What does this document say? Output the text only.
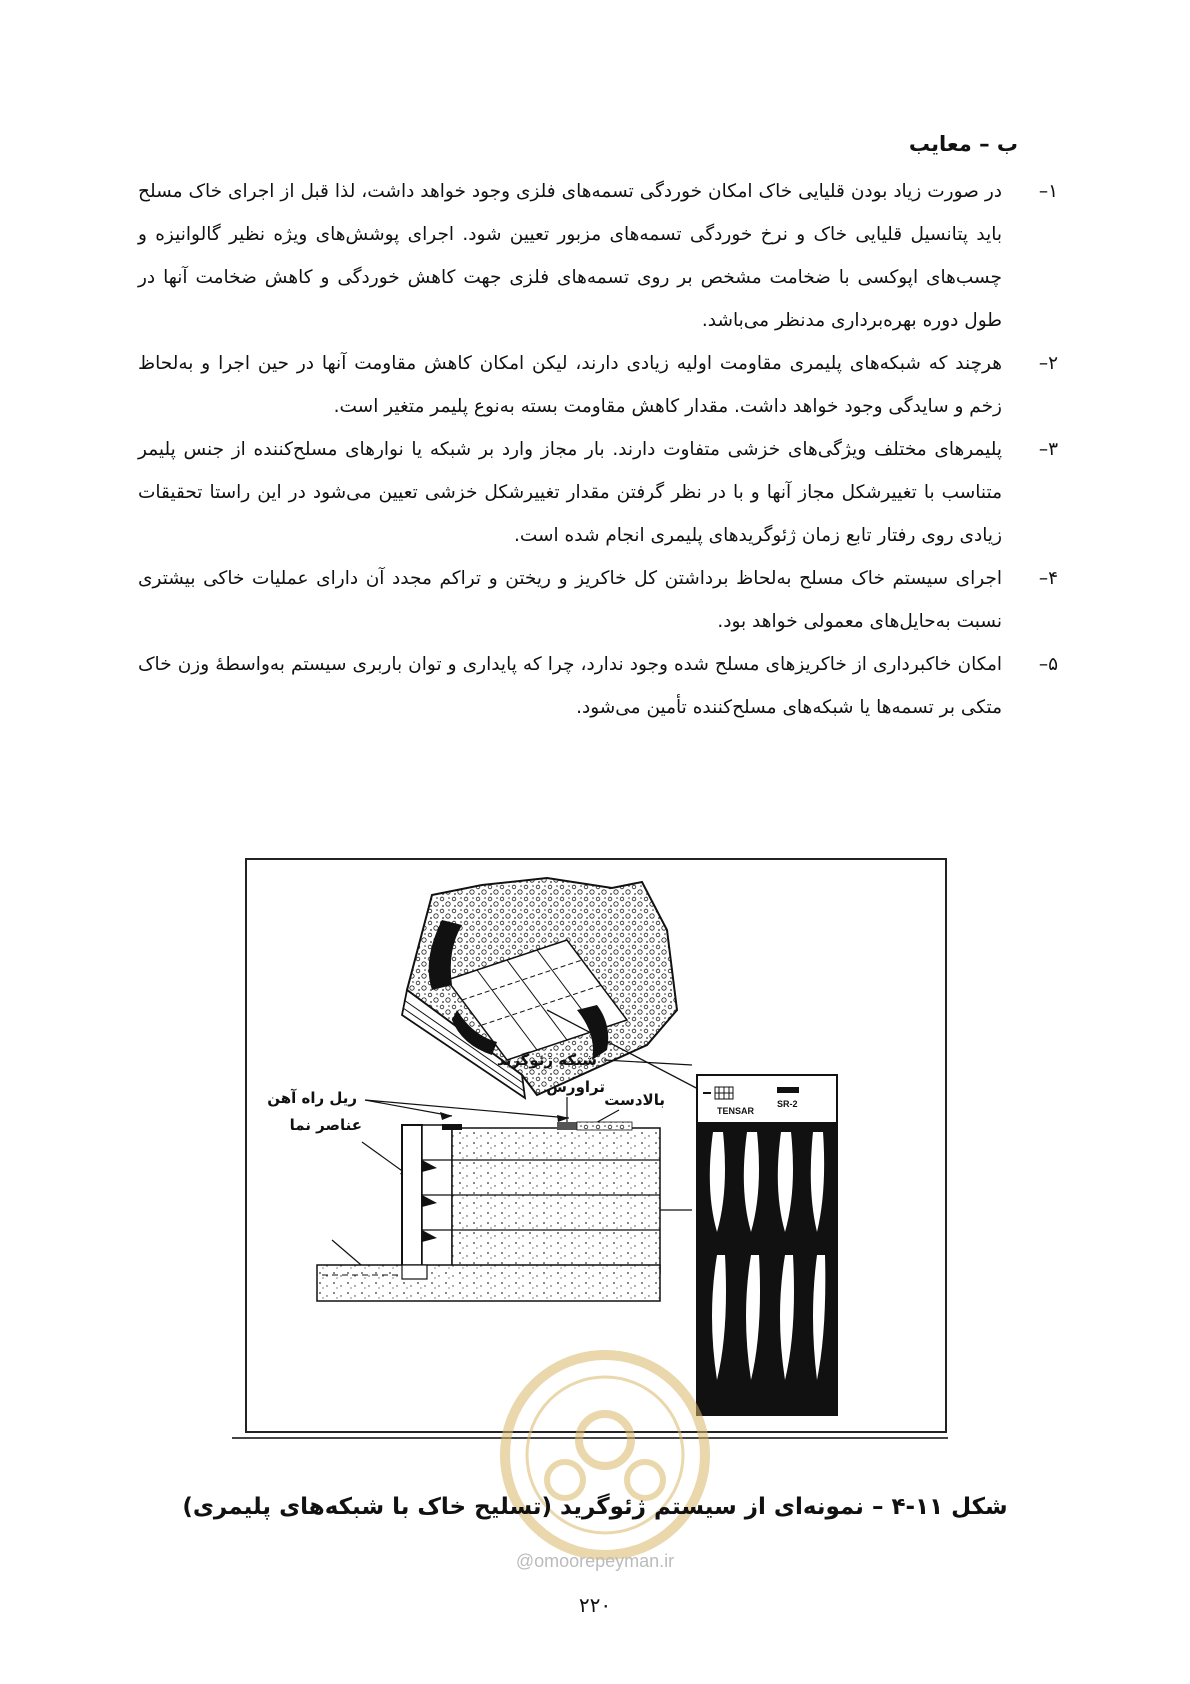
ب – معایب
۱–
در صورت زیاد بودن قلیایی خاک امکان خوردگی تسمه‌های فلزی وجود خواهد داشت، لذا قبل از اجرای خاک مسلح باید پتانسیل قلیایی خاک و نرخ خوردگی تسمه‌های مزبور تعیین شود. اجرای پوشش‌های ویژه نظیر گالوانیزه و چسب‌های اپوکسی با ضخامت مشخص بر روی تسمه‌های فلزی جهت کاهش خوردگی و کاهش ضخامت آنها در طول دوره بهره‌برداری مدنظر می‌باشد.
۲–
هرچند که شبکه‌های پلیمری مقاومت اولیه زیادی دارند، لیکن امکان کاهش مقاومت آنها در حین اجرا و به‌لحاظ زخم و سایدگی وجود خواهد داشت. مقدار کاهش مقاومت بسته به‌نوع پلیمر متغیر است.
۳–
پلیمرهای مختلف ویژگی‌های خزشی متفاوت دارند. بار مجاز وارد بر شبکه یا نوارهای مسلح‌کننده از جنس پلیمر متناسب با تغییرشکل مجاز آنها و با در نظر گرفتن مقدار تغییرشکل خزشی تعیین می‌شود در این راستا تحقیقات زیادی روی رفتار تابع زمان ژئوگریدهای پلیمری انجام شده است.
۴–
اجرای سیستم خاک مسلح به‌لحاظ برداشتن کل خاکریز و ریختن و تراکم مجدد آن دارای عملیات خاکی بیشتری نسبت به‌حایل‌های معمولی خواهد بود.
۵–
امکان خاکبرداری از خاکریزهای مسلح شده وجود ندارد، چرا که پایداری و توان باربری سیستم به‌واسطهٔ وزن خاک متکی بر تسمه‌ها یا شبکه‌های مسلح‌کننده تأمین می‌شود.
TENSAR
SR-2
شبکه ژئوگرید
تراورس
بالادست
ریل راه آهن
عناصر نما
@omoorepeyman.ir
شکل ۱۱-۴ – نمونه‌ای از سیستم ژئوگرید (تسلیح خاک با شبکه‌های پلیمری)
۲۲۰
